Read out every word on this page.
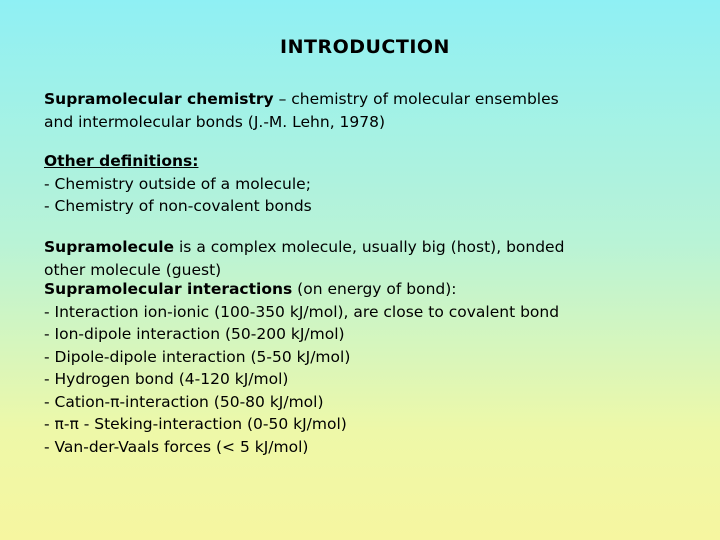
INTRODUCTION
Supramolecular chemistry – chemistry of molecular ensembles
and intermolecular bonds (J.-M. Lehn, 1978)
Other definitions:
- Chemistry outside of a molecule;
- Chemistry of non-covalent bonds
Supramolecule is a complex molecule, usually big (host), bonded
other molecule (guest)
Supramolecular interactions (on energy of bond):
- Interaction ion-ionic (100-350 kJ/mol), are close to covalent bond
- Ion-dipole interaction (50-200 kJ/mol)
- Dipole-dipole interaction (5-50 kJ/mol)
- Hydrogen bond (4-120 kJ/mol)
- Cation-π-interaction (50-80 kJ/mol)
- π-π - Steking-interaction (0-50 kJ/mol)
- Van-der-Vaals forces (< 5 kJ/mol)
